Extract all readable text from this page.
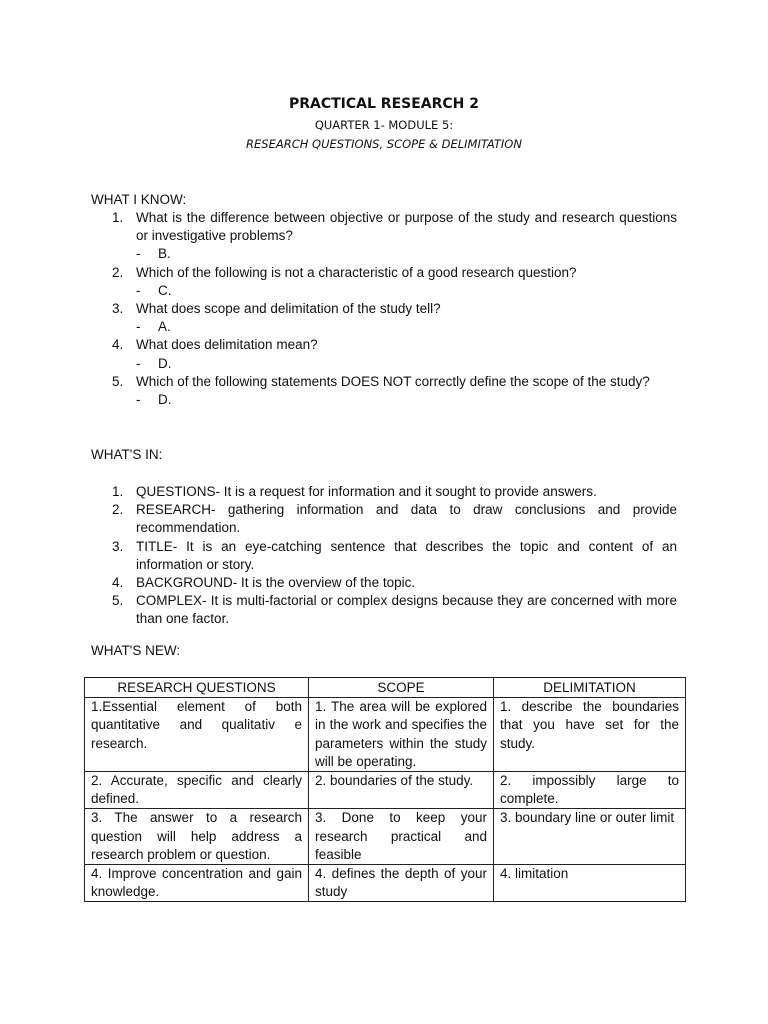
PRACTICAL RESEARCH 2
QUARTER 1- MODULE 5:
RESEARCH QUESTIONS, SCOPE & DELIMITATION
WHAT I KNOW:
1. What is the difference between objective or purpose of the study and research questions or investigative problems?
- B.
2. Which of the following is not a characteristic of a good research question?
- C.
3. What does scope and delimitation of the study tell?
- A.
4. What does delimitation mean?
- D.
5. Which of the following statements DOES NOT correctly define the scope of the study?
- D.
WHAT'S IN:
1. QUESTIONS- It is a request for information and it sought to provide answers.
2. RESEARCH- gathering information and data to draw conclusions and provide recommendation.
3. TITLE- It is an eye-catching sentence that describes the topic and content of an information or story.
4. BACKGROUND- It is the overview of the topic.
5. COMPLEX- It is multi-factorial or complex designs because they are concerned with more than one factor.
WHAT'S NEW:
RESEARCH QUESTIONS	SCOPE	DELIMITATION
1.Essential element of both quantitative and qualitativ e research.	1. The area will be explored in the work and specifies the parameters within the study will be operating.	1. describe the boundaries that you have set for the study.
2. Accurate, specific and clearly defined.	2. boundaries of the study.	2. impossibly large to complete.
3. The answer to a research question will help address a research problem or question.	3. Done to keep your research practical and feasible	3. boundary line or outer limit
4. Improve concentration and gain knowledge.	4. defines the depth of your study	4. limitation
